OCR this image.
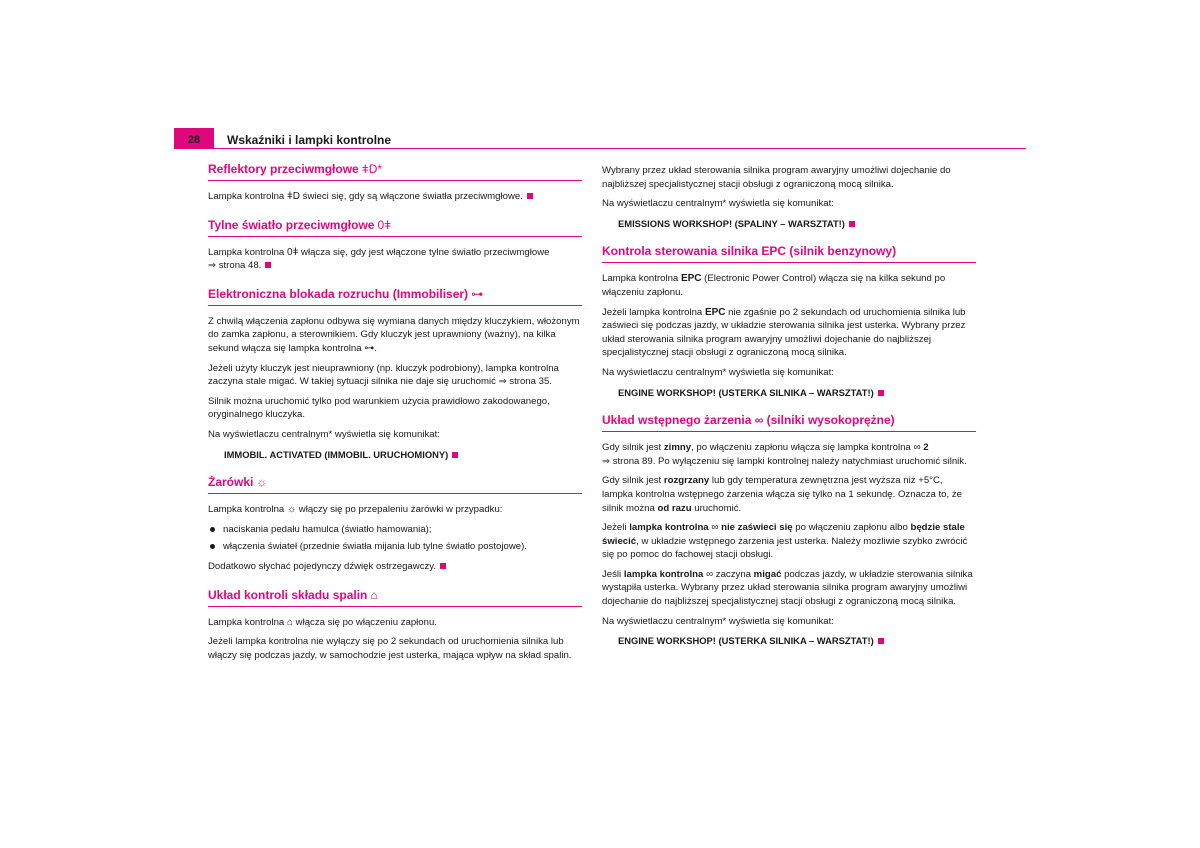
28	Wskaźniki i lampki kontrolne
Reflektory przeciwmgłowe ǂD*

Lampka kontrolna ǂD świeci się, gdy są włączone światła przeciwmgłowe.

Tylne światło przeciwmgłowe 0ǂ

Lampka kontrolna 0ǂ włącza się, gdy jest włączone tylne światło przeciwmgłowe
⇒ strona 48.

Elektroniczna blokada rozruchu (Immobiliser) ⊶

Z chwilą włączenia zapłonu odbywa się wymiana danych między kluczykiem, włożonym do zamka zapłonu, a sterownikiem. Gdy kluczyk jest uprawniony (ważny), na kilka sekund włącza się lampka kontrolna ⊶.

Jeżeli użyty kluczyk jest nieuprawniony (np. kluczyk podrobiony), lampka kontrolna zaczyna stale migać. W takiej sytuacji silnika nie daje się uruchomić ⇒ strona 35.

Silnik można uruchomić tylko pod warunkiem użycia prawidłowo zakodowanego, oryginalnego kluczyka.

Na wyświetlaczu centralnym* wyświetla się komunikat:

IMMOBIL. ACTIVATED (IMMOBIL. URUCHOMIONY)

Żarówki ☼

Lampka kontrolna ☼ włączy się po przepaleniu żarówki w przypadku:

naciskania pedału hamulca (światło hamowania);
włączenia świateł (przednie światła mijania lub tylne światło postojowe).

Dodatkowo słychać pojedynczy dźwięk ostrzegawczy.

Układ kontroli składu spalin ⌂

Lampka kontrolna ⌂ włącza się po włączeniu zapłonu.

Jeżeli lampka kontrolna nie wyłączy się po 2 sekundach od uruchomienia silnika lub włączy się podczas jazdy, w samochodzie jest usterka, mająca wpływ na skład spalin.

Wybrany przez układ sterowania silnika program awaryjny umożliwi dojechanie do najbliższej specjalistycznej stacji obsługi z ograniczoną mocą silnika.

Na wyświetlaczu centralnym* wyświetla się komunikat:

EMISSIONS WORKSHOP! (SPALINY – WARSZTAT!)

Kontrola sterowania silnika EPC (silnik benzynowy)

Lampka kontrolna EPC (Electronic Power Control) włącza się na kilka sekund po włączeniu zapłonu.

Jeżeli lampka kontrolna EPC nie zgaśnie po 2 sekundach od uruchomienia silnika lub zaświeci się podczas jazdy, w układzie sterowania silnika jest usterka. Wybrany przez układ sterowania silnika program awaryjny umożliwi dojechanie do najbliższej specjalistycznej stacji obsługi z ograniczoną mocą silnika.

Na wyświetlaczu centralnym* wyświetla się komunikat:

ENGINE WORKSHOP! (USTERKA SILNIKA – WARSZTAT!)

Układ wstępnego żarzenia ∞ (silniki wysokoprężne)

Gdy silnik jest zimny, po włączeniu zapłonu włącza się lampka kontrolna ∞ 2
⇒ strona 89. Po wyłączeniu się lampki kontrolnej należy natychmiast uruchomić silnik.

Gdy silnik jest rozgrzany lub gdy temperatura zewnętrzna jest wyższa niż +5°C, lampka kontrolna wstępnego żarzenia włącza się tylko na 1 sekundę. Oznacza to, że silnik można od razu uruchomić.

Jeżeli lampka kontrolna ∞ nie zaświeci się po włączeniu zapłonu albo będzie stale świecić, w układzie wstępnego żarzenia jest usterka. Należy możliwie szybko zwrócić się po pomoc do fachowej stacji obsługi.

Jeśli lampka kontrolna ∞ zaczyna migać podczas jazdy, w układzie sterowania silnika wystąpiła usterka. Wybrany przez układ sterowania silnika program awaryjny umożliwi dojechanie do najbliższej specjalistycznej stacji obsługi z ograniczoną mocą silnika.

Na wyświetlaczu centralnym* wyświetla się komunikat:

ENGINE WORKSHOP! (USTERKA SILNIKA – WARSZTAT!)
